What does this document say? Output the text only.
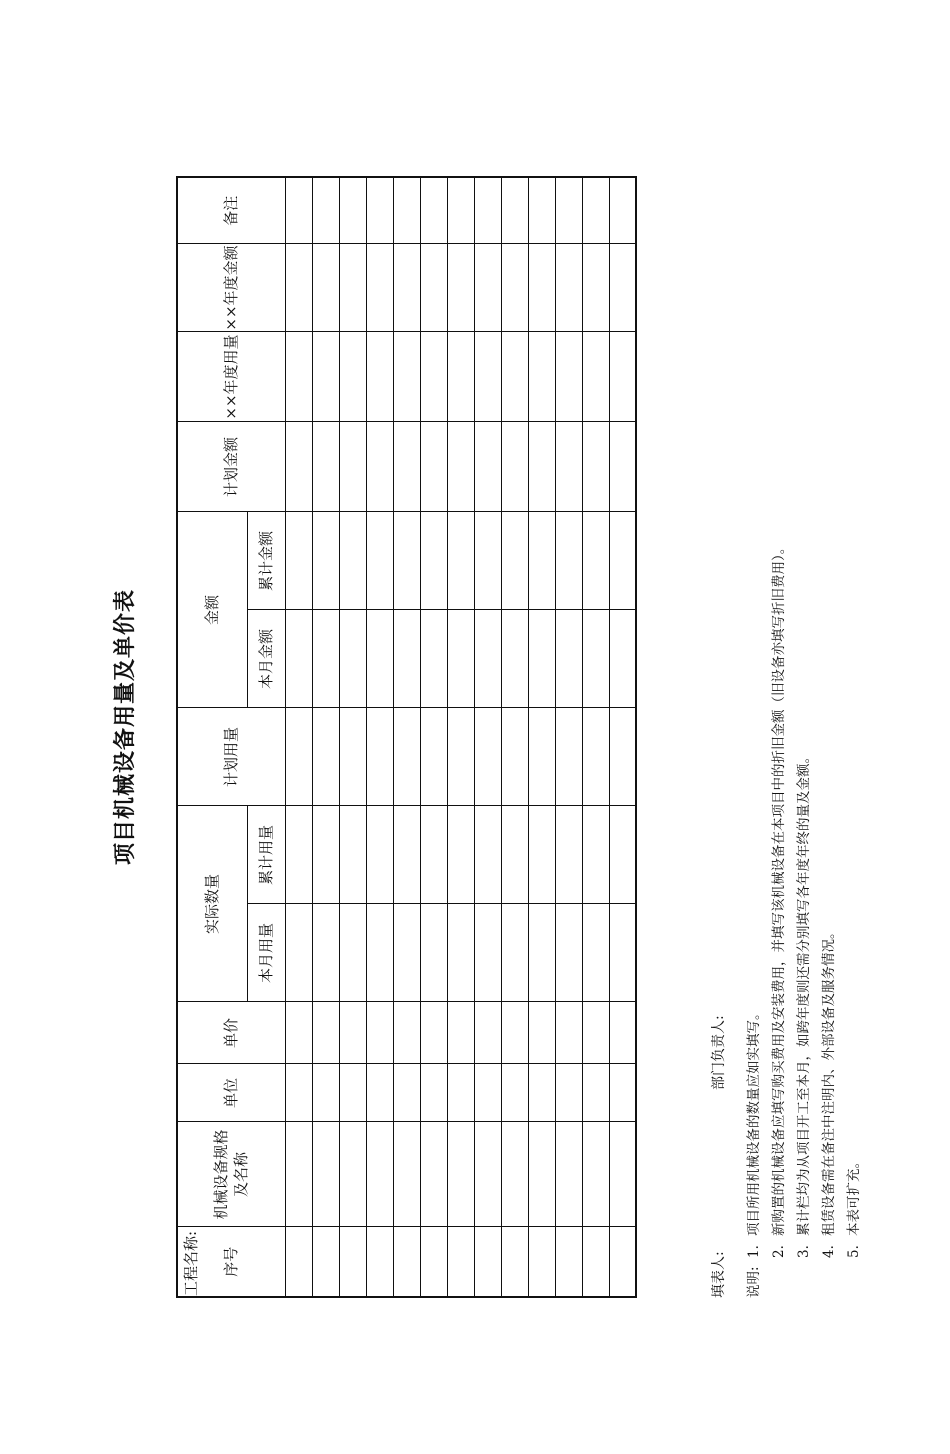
项目机械设备用量及单价表
工程名称: 序号	机械设备规格及名称	单位	单价	实际数量		计划用量	金额		计划金额	××年度用量	××年度金额	备注
				本月用量	累计用量		本月金额	累计金额				

填表人:
部门负责人:
说明:1.项目所用机械设备的数量应如实填写。
2.新购置的机械设备应填写购买费用及安装费用，并填写该机械设备在本项目中的折旧金额（旧设备亦填写折旧费用）。
3.累计栏均为从项目开工至本月，如跨年度则还需分别填写各年度年终的量及金额。
4.租赁设备需在备注中注明内、外部设备及服务情况。
5.本表可扩充。
